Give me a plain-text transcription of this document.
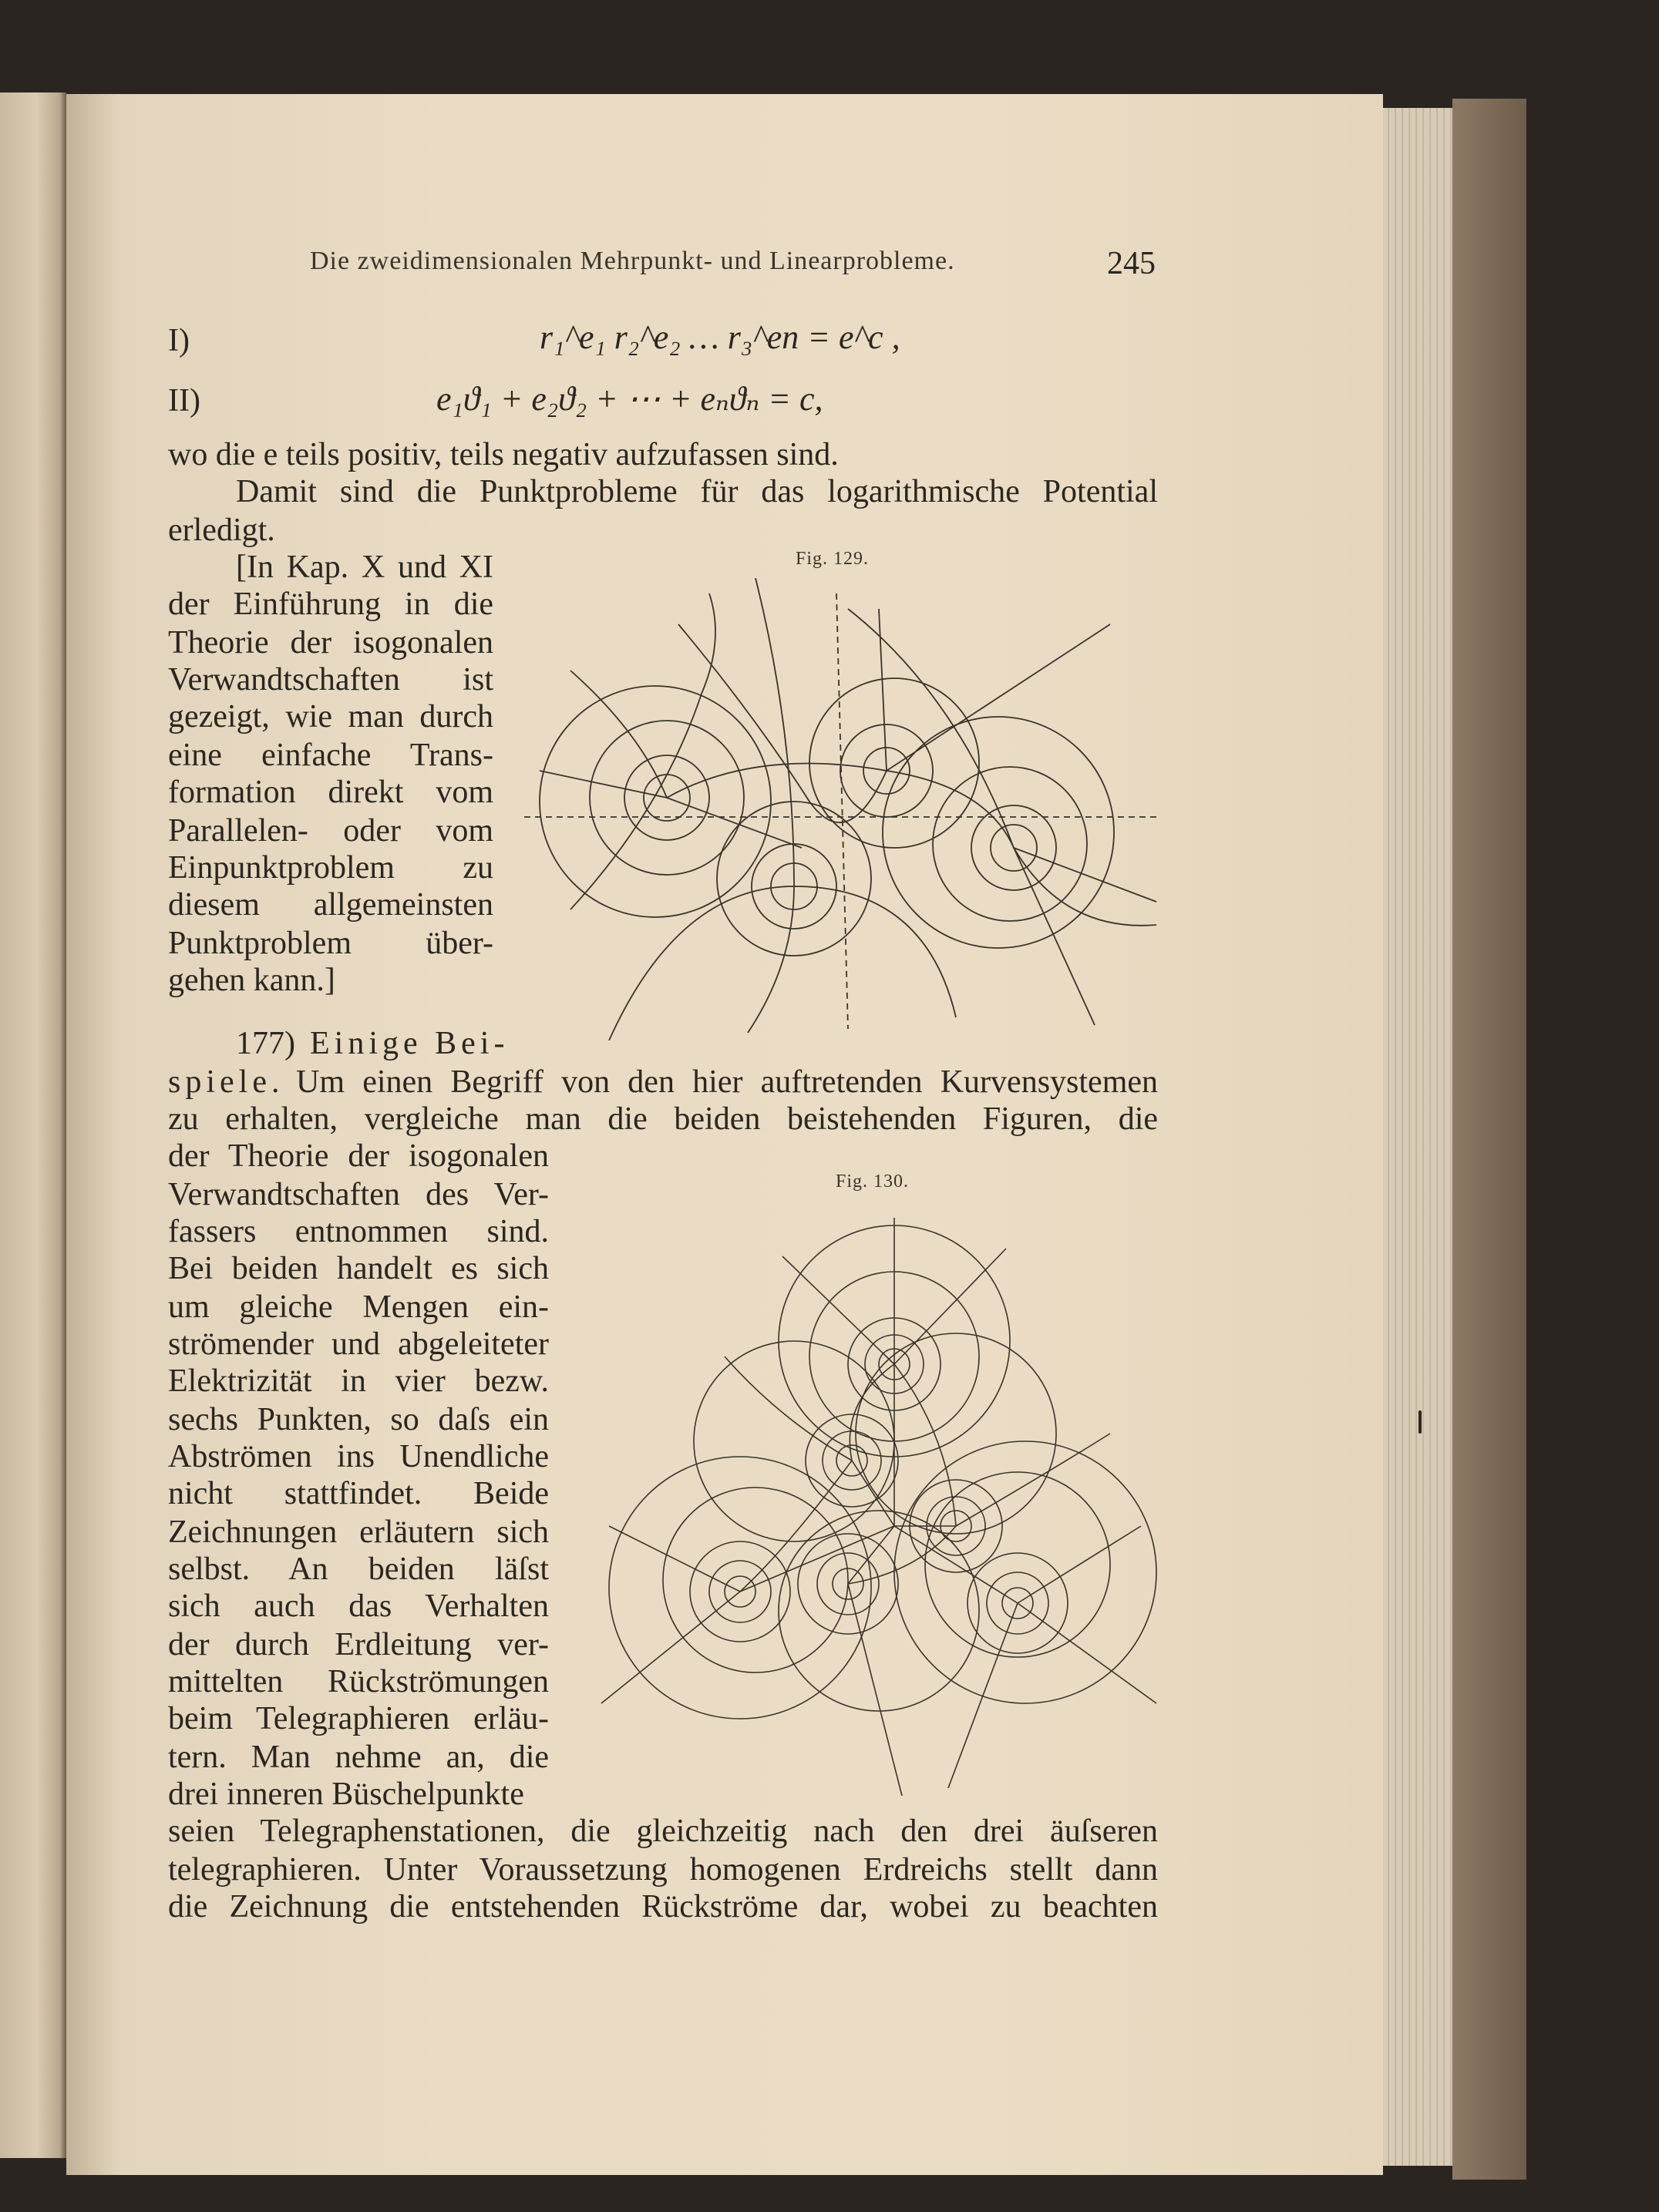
Die zweidimensionalen Mehrpunkt- und Linearprobleme.	245
I)	r₁^e₁ r₂^e₂ … r₃^en = e^c ,
II)	e₁ϑ₁ + e₂ϑ₂ + ⋯ + eₙϑₙ = c,
wo die e teils positiv, teils negativ aufzufassen sind.
Damit sind die Punktprobleme für das logarithmische Potential
erledigt.
[In Kap. X und XI
der Einführung in die
Theorie der isogonalen
Verwandtschaften ist
gezeigt, wie man durch
eine einfache Trans-
formation direkt vom
Parallelen- oder vom
Einpunktproblem zu
diesem allgemeinsten
Punktproblem über-
gehen kann.]
177) Einige Bei-
spiele. Um einen Begriff von den hier auftretenden Kurvensystemen
zu erhalten, vergleiche man die beiden beistehenden Figuren, die
der Theorie der isogonalen
Verwandtschaften des Ver-
fassers entnommen sind.
Bei beiden handelt es sich
um gleiche Mengen ein-
strömender und abgeleiteter
Elektrizität in vier bezw.
sechs Punkten, so daſs ein
Abströmen ins Unendliche
nicht stattfindet. Beide
Zeichnungen erläutern sich
selbst. An beiden läſst
sich auch das Verhalten
der durch Erdleitung ver-
mittelten Rückströmungen
beim Telegraphieren erläu-
tern. Man nehme an, die
drei inneren Büschelpunkte
seien Telegraphenstationen, die gleichzeitig nach den drei äuſseren
telegraphieren. Unter Voraussetzung homogenen Erdreichs stellt dann
die Zeichnung die entstehenden Rückströme dar, wobei zu beachten
Fig. 129.
Fig. 130.
